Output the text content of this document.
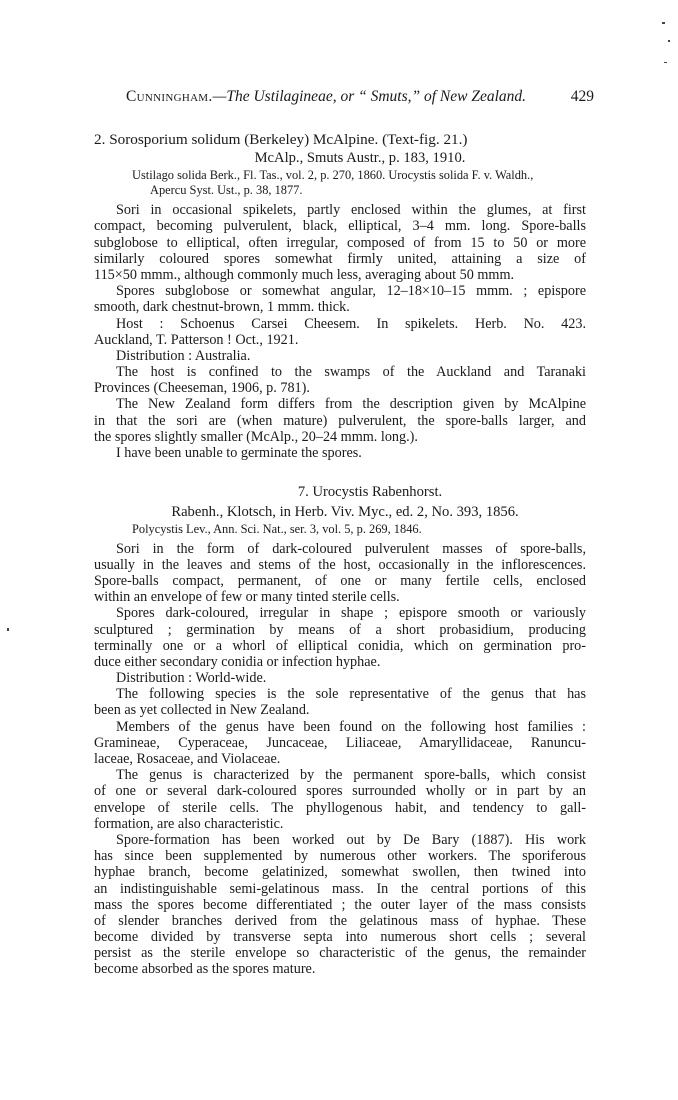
Cunningham.—The Ustilagineae, or “ Smuts,” of New Zealand.	429
2. Sorosporium solidum (Berkeley) McAlpine. (Text-fig. 21.)
McAlp., Smuts Austr., p. 183, 1910.
Ustilago solida Berk., Fl. Tas., vol. 2, p. 270, 1860. Urocystis solida F. v. Waldh.,
Apercu Syst. Ust., p. 38, 1877.
Sori in occasional spikelets, partly enclosed within the glumes, at first
compact, becoming pulverulent, black, elliptical, 3–4 mm. long. Spore-balls
subglobose to elliptical, often irregular, composed of from 15 to 50 or more
similarly coloured spores somewhat firmly united, attaining a size of
115×50 mmm., although commonly much less, averaging about 50 mmm.
Spores subglobose or somewhat angular, 12–18×10–15 mmm. ; epispore
smooth, dark chestnut-brown, 1 mmm. thick.
Host : Schoenus Carsei Cheesem. In spikelets. Herb. No. 423.
Auckland, T. Patterson ! Oct., 1921.
Distribution : Australia.
The host is confined to the swamps of the Auckland and Taranaki
Provinces (Cheeseman, 1906, p. 781).
The New Zealand form differs from the description given by McAlpine
in that the sori are (when mature) pulverulent, the spore-balls larger, and
the spores slightly smaller (McAlp., 20–24 mmm. long.).
I have been unable to germinate the spores.
7. Urocystis Rabenhorst.
Rabenh., Klotsch, in Herb. Viv. Myc., ed. 2, No. 393, 1856.
Polycystis Lev., Ann. Sci. Nat., ser. 3, vol. 5, p. 269, 1846.
Sori in the form of dark-coloured pulverulent masses of spore-balls,
usually in the leaves and stems of the host, occasionally in the inflorescences.
Spore-balls compact, permanent, of one or many fertile cells, enclosed
within an envelope of few or many tinted sterile cells.
Spores dark-coloured, irregular in shape ; epispore smooth or variously
sculptured ; germination by means of a short probasidium, producing
terminally one or a whorl of elliptical conidia, which on germination pro-
duce either secondary conidia or infection hyphae.
Distribution : World-wide.
The following species is the sole representative of the genus that has
been as yet collected in New Zealand.
Members of the genus have been found on the following host families :
Gramineae, Cyperaceae, Juncaceae, Liliaceae, Amaryllidaceae, Ranuncu-
laceae, Rosaceae, and Violaceae.
The genus is characterized by the permanent spore-balls, which consist
of one or several dark-coloured spores surrounded wholly or in part by an
envelope of sterile cells. The phyllogenous habit, and tendency to gall-
formation, are also characteristic.
Spore-formation has been worked out by De Bary (1887). His work
has since been supplemented by numerous other workers. The sporiferous
hyphae branch, become gelatinized, somewhat swollen, then twined into
an indistinguishable semi-gelatinous mass. In the central portions of this
mass the spores become differentiated ; the outer layer of the mass consists
of slender branches derived from the gelatinous mass of hyphae. These
become divided by transverse septa into numerous short cells ; several
persist as the sterile envelope so characteristic of the genus, the remainder
become absorbed as the spores mature.
